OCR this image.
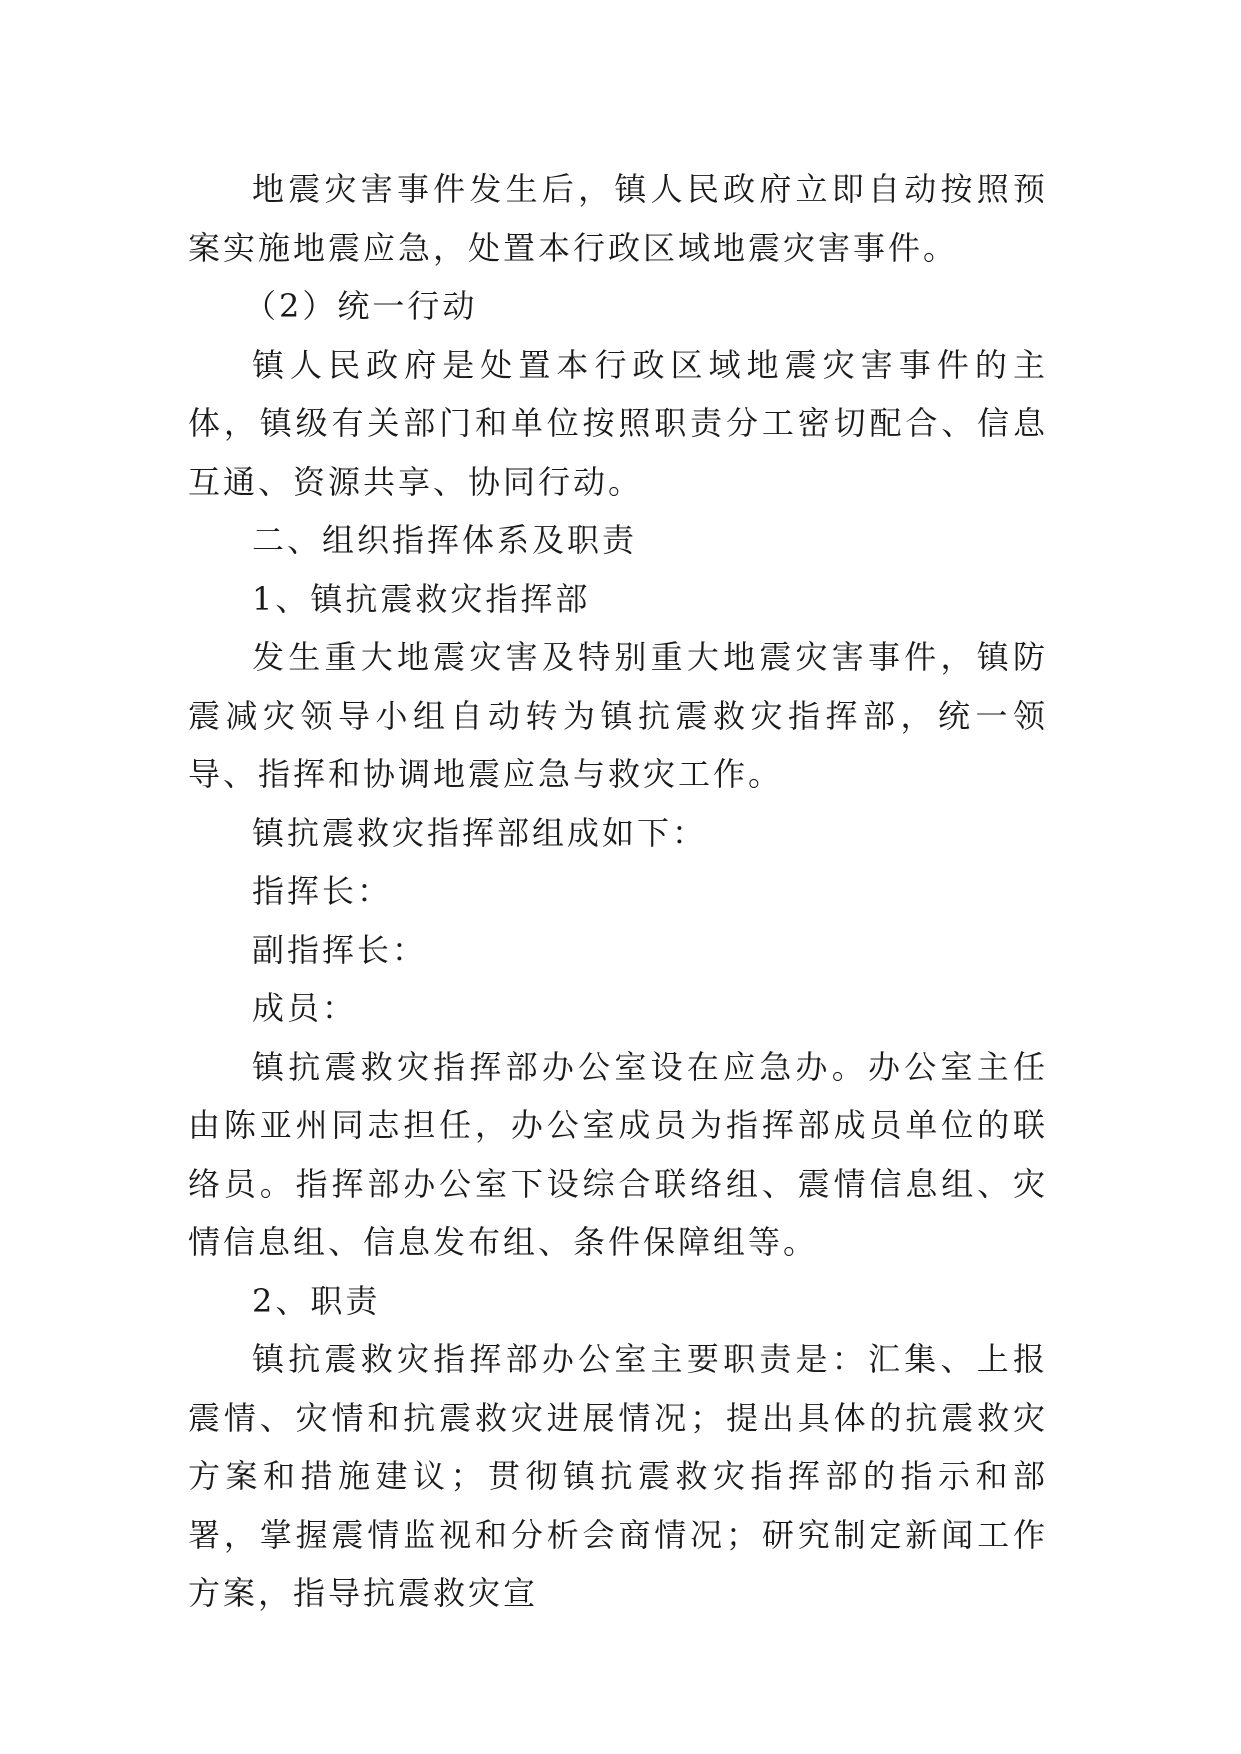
地震灾害事件发生后，镇人民政府立即自动按照预案实施地震应急，处置本行政区域地震灾害事件。

（2）统一行动

镇人民政府是处置本行政区域地震灾害事件的主体，镇级有关部门和单位按照职责分工密切配合、信息互通、资源共享、协同行动。

二、组织指挥体系及职责

1、镇抗震救灾指挥部

发生重大地震灾害及特别重大地震灾害事件，镇防震减灾领导小组自动转为镇抗震救灾指挥部，统一领导、指挥和协调地震应急与救灾工作。

镇抗震救灾指挥部组成如下：

指挥长：

副指挥长：

成员：

镇抗震救灾指挥部办公室设在应急办。办公室主任由陈亚州同志担任，办公室成员为指挥部成员单位的联络员。指挥部办公室下设综合联络组、震情信息组、灾情信息组、信息发布组、条件保障组等。

2、职责

镇抗震救灾指挥部办公室主要职责是：汇集、上报震情、灾情和抗震救灾进展情况；提出具体的抗震救灾方案和措施建议；贯彻镇抗震救灾指挥部的指示和部署，掌握震情监视和分析会商情况；研究制定新闻工作方案，指导抗震救灾宣
